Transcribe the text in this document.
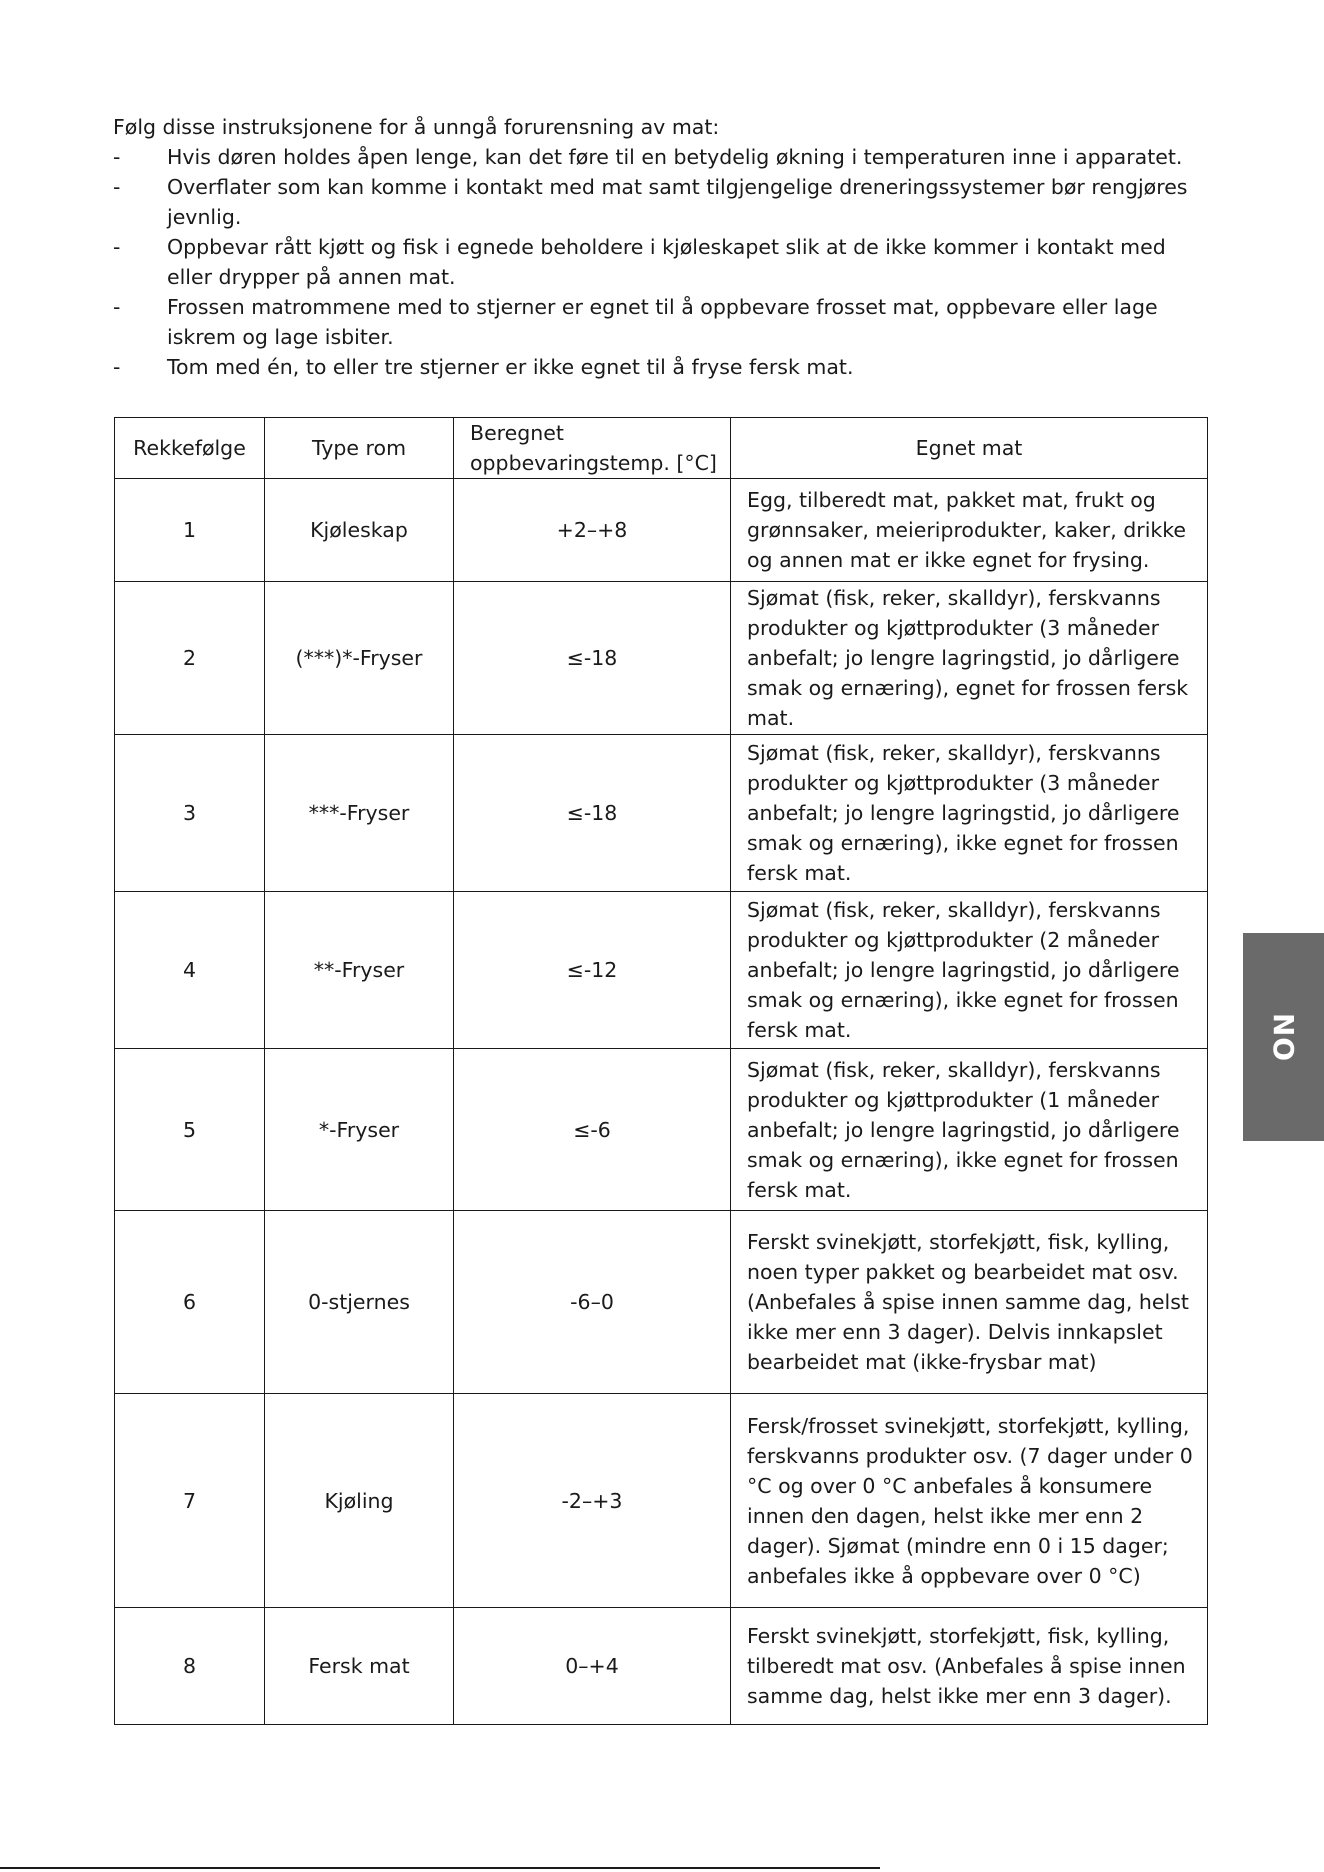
Følg disse instruksjonene for å unngå forurensning av mat:

- Hvis døren holdes åpen lenge, kan det føre til en betydelig økning i temperaturen inne i apparatet.

- Overflater som kan komme i kontakt med mat samt tilgjengelige dreneringssystemer bør rengjøres jevnlig.

- Oppbevar rått kjøtt og fisk i egnede beholdere i kjøleskapet slik at de ikke kommer i kontakt med eller drypper på annen mat.

- Frossen matrommene med to stjerner er egnet til å oppbevare frosset mat, oppbevare eller lage iskrem og lage isbiter.

- Tom med én, to eller tre stjerner er ikke egnet til å fryse fersk mat.

Rekkefølge	Type rom	Beregnet oppbevaringstemp. [°C]	Egnet mat
1	Kjøleskap	+2–+8	Egg, tilberedt mat, pakket mat, frukt og grønnsaker, meieriprodukter, kaker, drikke og annen mat er ikke egnet for frysing.
2	(***)*-Fryser	≤-18	Sjømat (fisk, reker, skalldyr), ferskvanns produkter og kjøttprodukter (3 måneder anbefalt; jo lengre lagringstid, jo dårligere smak og ernæring), egnet for frossen fersk mat.
3	***-Fryser	≤-18	Sjømat (fisk, reker, skalldyr), ferskvanns produkter og kjøttprodukter (3 måneder anbefalt; jo lengre lagringstid, jo dårligere smak og ernæring), ikke egnet for frossen fersk mat.
4	**-Fryser	≤-12	Sjømat (fisk, reker, skalldyr), ferskvanns produkter og kjøttprodukter (2 måneder anbefalt; jo lengre lagringstid, jo dårligere smak og ernæring), ikke egnet for frossen fersk mat.
5	*-Fryser	≤-6	Sjømat (fisk, reker, skalldyr), ferskvanns produkter og kjøttprodukter (1 måneder anbefalt; jo lengre lagringstid, jo dårligere smak og ernæring), ikke egnet for frossen fersk mat.
6	0-stjernes	-6–0	Ferskt svinekjøtt, storfekjøtt, fisk, kylling, noen typer pakket og bearbeidet mat osv. (Anbefales å spise innen samme dag, helst ikke mer enn 3 dager). Delvis innkapslet bearbeidet mat (ikke-frysbar mat)
7	Kjøling	-2–+3	Fersk/frosset svinekjøtt, storfekjøtt, kylling, ferskvanns produkter osv. (7 dager under 0 °C og over 0 °C anbefales å konsumere innen den dagen, helst ikke mer enn 2 dager). Sjømat (mindre enn 0 i 15 dager; anbefales ikke å oppbevare over 0 °C)
8	Fersk mat	0–+4	Ferskt svinekjøtt, storfekjøtt, fisk, kylling, tilberedt mat osv. (Anbefales å spise innen samme dag, helst ikke mer enn 3 dager).
NO
